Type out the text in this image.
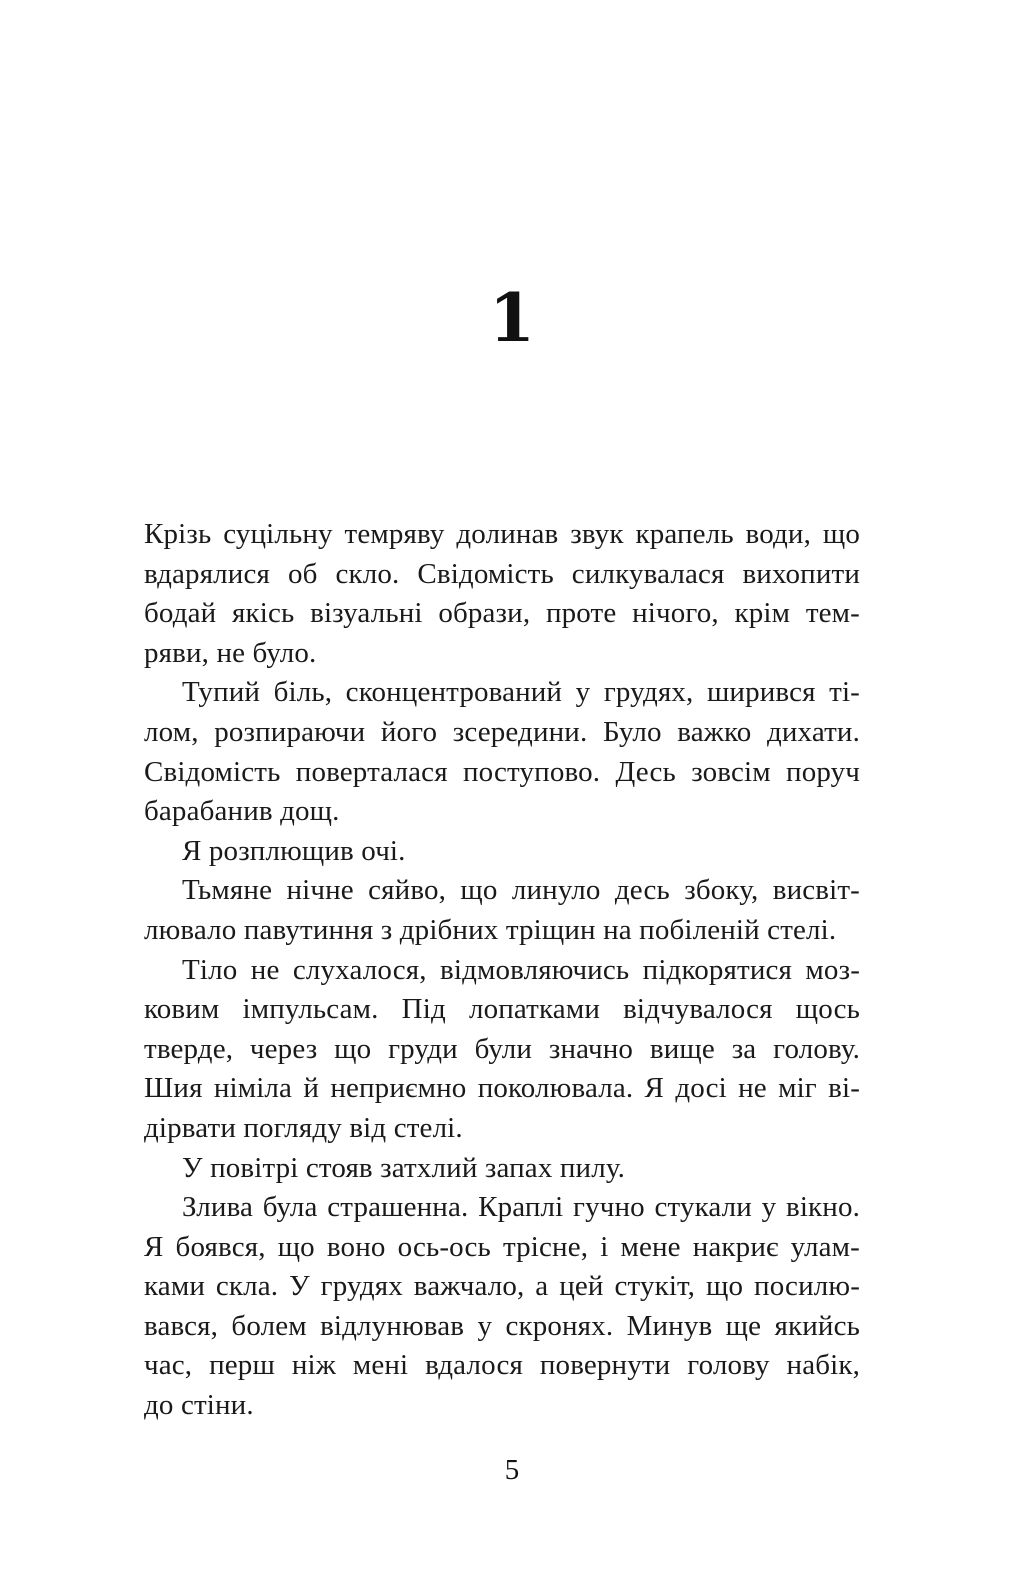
1
Крізь суцільну темряву долинав звук крапель води, що
вдарялися об скло. Свідомість силкувалася вихопити
бодай якісь візуальні образи, проте нічого, крім тем-
ряви, не було.
Тупий біль, сконцентрований у грудях, ширився ті-
лом, розпираючи його зсередини. Було важко дихати.
Свідомість поверталася поступово. Десь зовсім поруч
барабанив дощ.
Я розплющив очі.
Тьмяне нічне сяйво, що линуло десь збоку, висвіт-
лювало павутиння з дрібних тріщин на побіленій стелі.
Тіло не слухалося, відмовляючись підкорятися моз-
ковим імпульсам. Під лопатками відчувалося щось
тверде, через що груди були значно вище за голову.
Шия німіла й неприємно поколювала. Я досі не міг ві-
дірвати погляду від стелі.
У повітрі стояв затхлий запах пилу.
Злива була страшенна. Краплі гучно стукали у вікно.
Я боявся, що воно ось-ось трісне, і мене накриє улам-
ками скла. У грудях важчало, а цей стукіт, що посилю-
вався, болем відлунював у скронях. Минув ще якийсь
час, перш ніж мені вдалося повернути голову набік,
до стіни.
5
